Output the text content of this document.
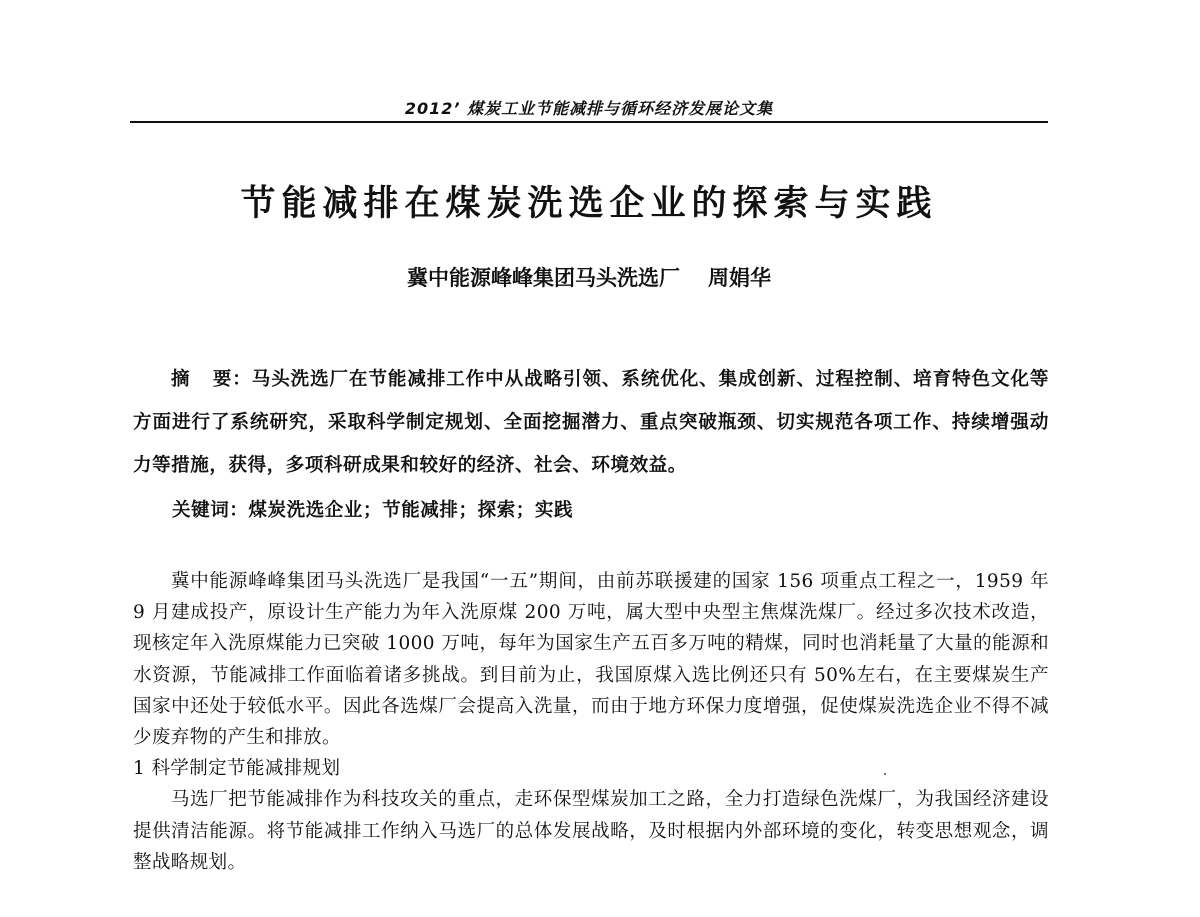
2012’ 煤炭工业节能减排与循环经济发展论文集
节能减排在煤炭洗选企业的探索与实践
冀中能源峰峰集团马头洗选厂 周娟华
摘 要：马头洗选厂在节能减排工作中从战略引领、系统优化、集成创新、过程控制、培育特色文化等方面进行了系统研究，采取科学制定规划、全面挖掘潜力、重点突破瓶颈、切实规范各项工作、持续增强动力等措施，获得，多项科研成果和较好的经济、社会、环境效益。
关键词：煤炭洗选企业；节能减排；探索；实践

冀中能源峰峰集团马头洗选厂是我国“一五”期间，由前苏联援建的国家 156 项重点工程之一，1959 年 9 月建成投产，原设计生产能力为年入洗原煤 200 万吨，属大型中央型主焦煤洗煤厂。经过多次技术改造，现核定年入洗原煤能力已突破 1000 万吨，每年为国家生产五百多万吨的精煤，同时也消耗量了大量的能源和水资源，节能减排工作面临着诸多挑战。到目前为止，我国原煤入选比例还只有 50%左右，在主要煤炭生产国家中还处于较低水平。因此各选煤厂会提高入洗量，而由于地方环保力度增强，促使煤炭洗选企业不得不减少废弃物的产生和排放。

1 科学制定节能减排规划

马选厂把节能减排作为科技攻关的重点，走环保型煤炭加工之路，全力打造绿色洗煤厂，为我国经济建设提供清洁能源。将节能减排工作纳入马选厂的总体发展战略，及时根据内外部环境的变化，转变思想观念，调整战略规划。
